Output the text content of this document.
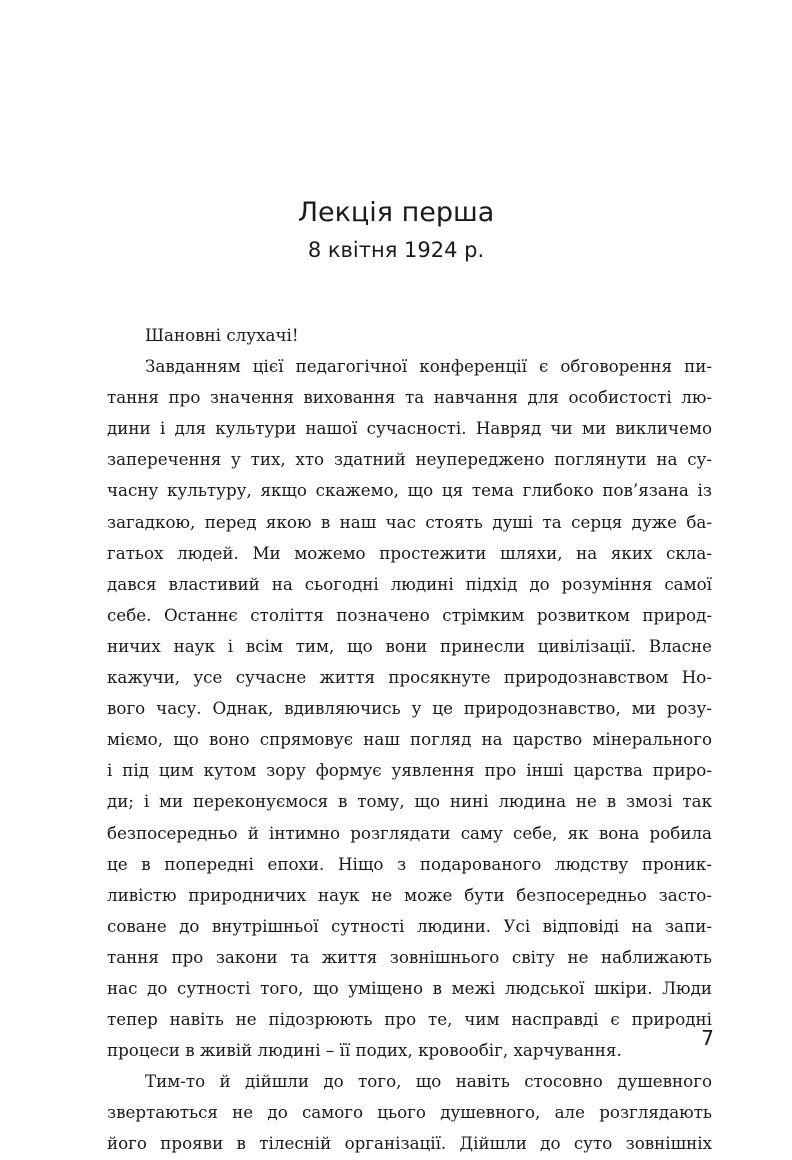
Лекція перша

8 квітня 1924 р.

Шановні слухачі!
Завданням цієї педагогічної конференції є обговорення пи-
тання про значення виховання та навчання для особистості лю-
дини і для культури нашої сучасності. Навряд чи ми викличемо
заперечення у тих, хто здатний неупереджено поглянути на су-
часну культуру, якщо скажемо, що ця тема глибоко пов’язана із
загадкою, перед якою в наш час стоять душі та серця дуже ба-
гатьох людей. Ми можемо простежити шляхи, на яких скла-
дався властивий на сьогодні людині підхід до розуміння самої
себе. Останнє століття позначено стрімким розвитком природ-
ничих наук і всім тим, що вони принесли цивілізації. Власне
кажучи, усе сучасне життя просякнуте природознавством Но-
вого часу. Однак, вдивляючись у це природознавство, ми розу-
міємо, що воно спрямовує наш погляд на царство мінерального
і під цим кутом зору формує уявлення про інші царства приро-
ди; і ми переконуємося в тому, що нині людина не в змозі так
безпосередньо й інтимно розглядати саму себе, як вона робила
це в попередні епохи. Ніщо з подарованого людству проник-
ливістю природничих наук не може бути безпосередньо засто-
соване до внутрішньої сутності людини. Усі відповіді на запи-
тання про закони та життя зовнішнього світу не наближають
нас до сутності того, що уміщено в межі людської шкіри. Люди
тепер навіть не підозрюють про те, чим насправді є природні
процеси в живій людині – її подих, кровообіг, харчування.
Тим-то й дійшли до того, що навіть стосовно душевного
звертаються не до самого цього душевного, але розглядають
його прояви в тілесній організації. Дійшли до суто зовнішніх
7
